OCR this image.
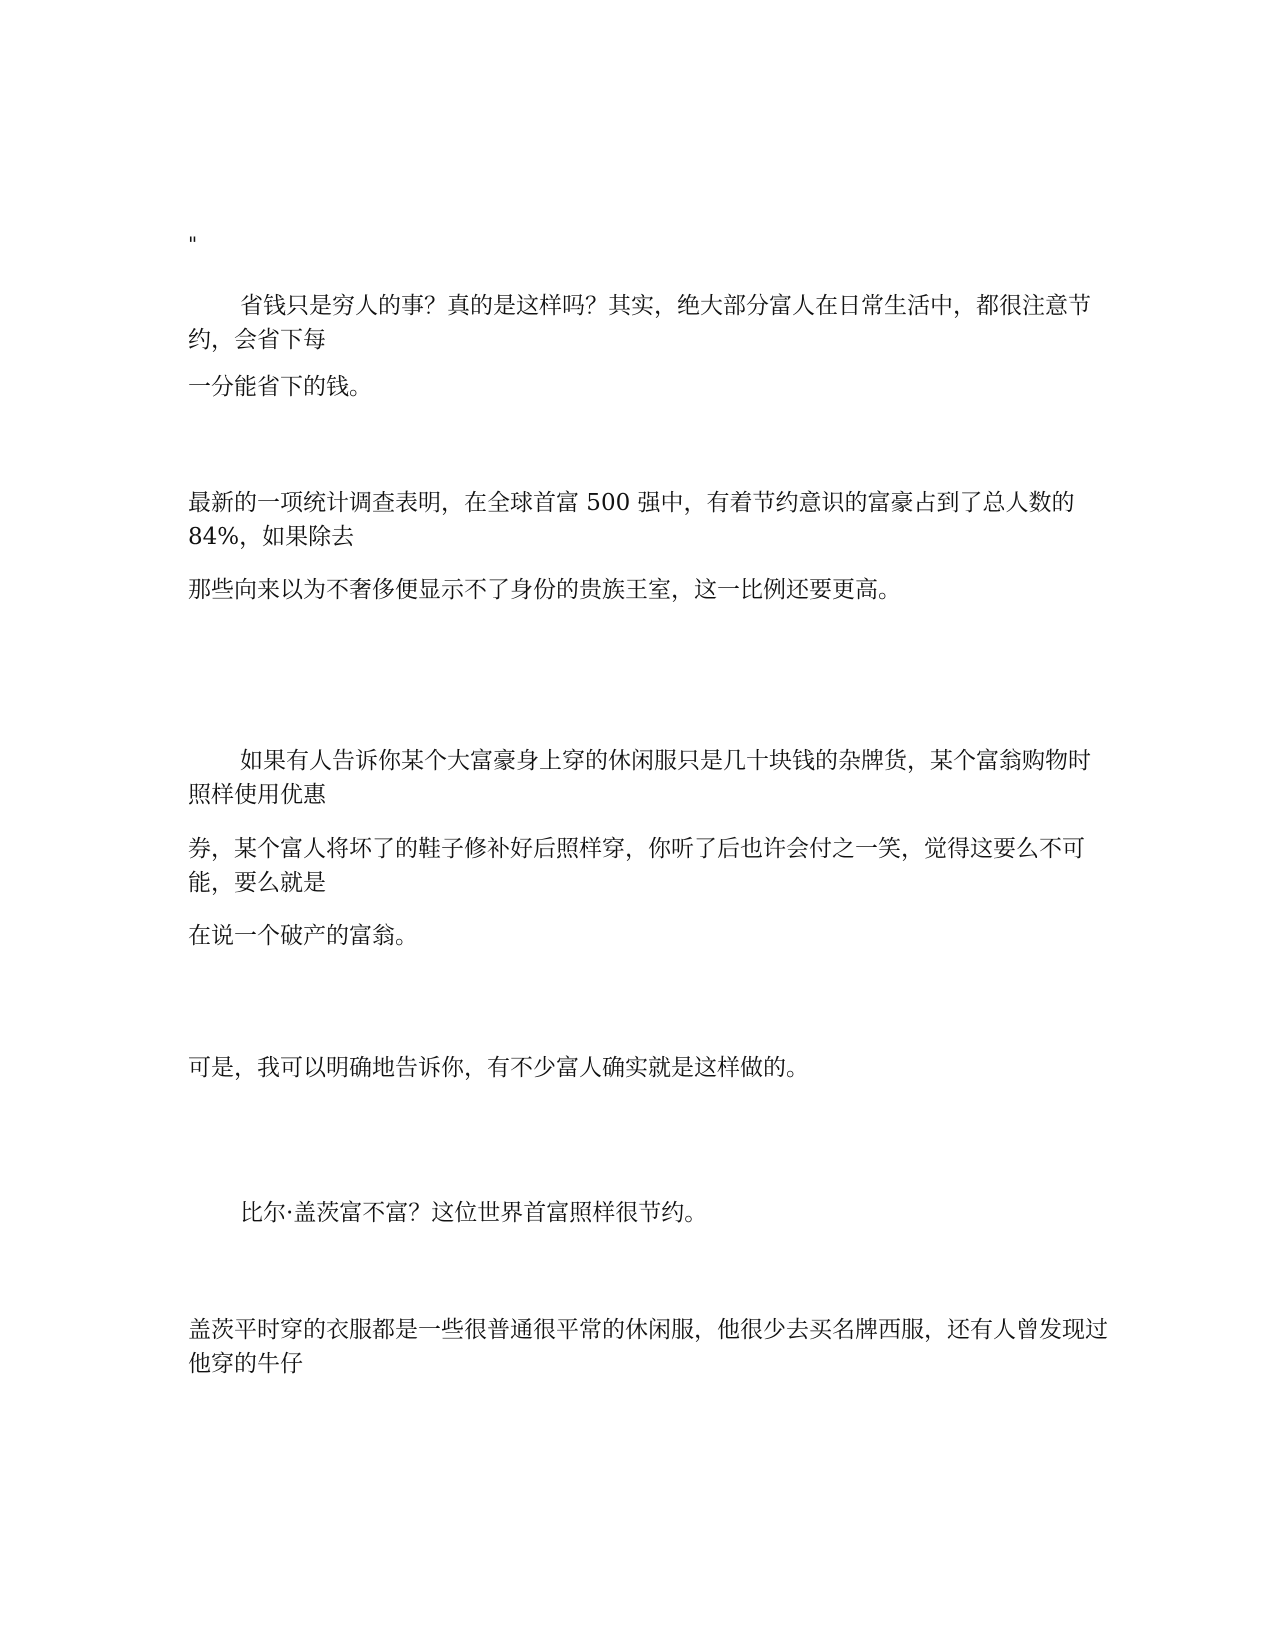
"

省钱只是穷人的事？真的是这样吗？其实，绝大部分富人在日常生活中，都很注意节约，会省下每

一分能省下的钱。

最新的一项统计调查表明，在全球首富 500 强中，有着节约意识的富豪占到了总人数的 84%，如果除去

那些向来以为不奢侈便显示不了身份的贵族王室，这一比例还要更高。

如果有人告诉你某个大富豪身上穿的休闲服只是几十块钱的杂牌货，某个富翁购物时照样使用优惠

券，某个富人将坏了的鞋子修补好后照样穿，你听了后也许会付之一笑，觉得这要么不可能，要么就是

在说一个破产的富翁。

可是，我可以明确地告诉你，有不少富人确实就是这样做的。

比尔·盖茨富不富？这位世界首富照样很节约。

盖茨平时穿的衣服都是一些很普通很平常的休闲服，他很少去买名牌西服，还有人曾发现过他穿的牛仔
